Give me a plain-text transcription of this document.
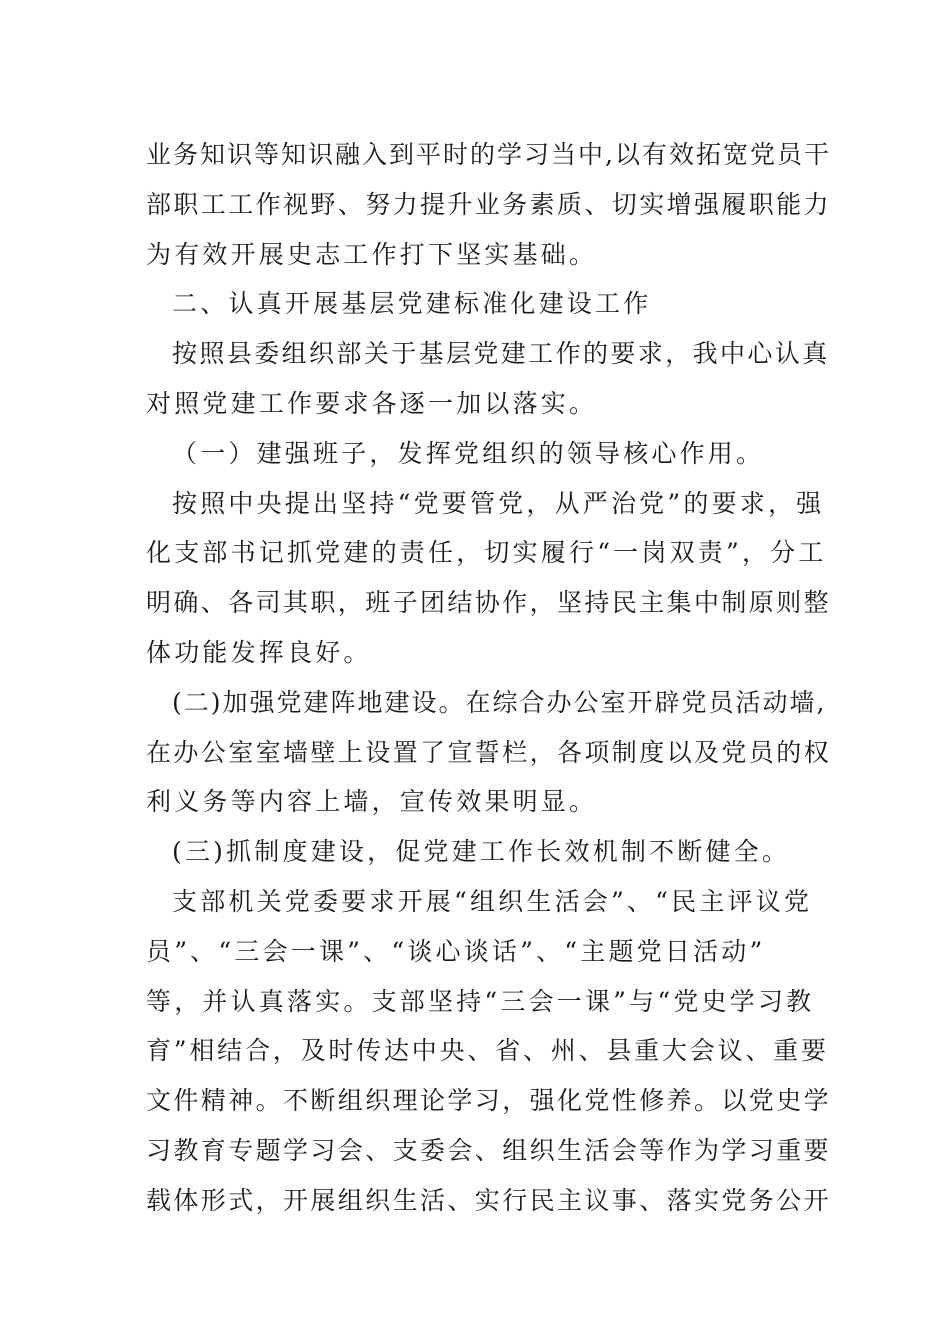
业务知识等知识融入到平时的学习当中,以有效拓宽党员干
部职工工作视野、努力提升业务素质、切实增强履职能力
为有效开展史志工作打下坚实基础。
二、认真开展基层党建标准化建设工作
按照县委组织部关于基层党建工作的要求，我中心认真
对照党建工作要求各逐一加以落实。
（一）建强班子，发挥党组织的领导核心作用。
按照中央提出坚持“党要管党，从严治党”的要求，强
化支部书记抓党建的责任，切实履行“一岗双责”，分工
明确、各司其职，班子团结协作，坚持民主集中制原则整
体功能发挥良好。
(二)加强党建阵地建设。在综合办公室开辟党员活动墙,
在办公室室墙壁上设置了宣誓栏，各项制度以及党员的权
利义务等内容上墙，宣传效果明显。
(三)抓制度建设，促党建工作长效机制不断健全。
支部机关党委要求开展“组织生活会”、“民主评议党
员”、“三会一课”、“谈心谈话”、“主题党日活动”
等，并认真落实。支部坚持“三会一课”与“党史学习教
育”相结合，及时传达中央、省、州、县重大会议、重要
文件精神。不断组织理论学习，强化党性修养。以党史学
习教育专题学习会、支委会、组织生活会等作为学习重要
载体形式，开展组织生活、实行民主议事、落实党务公开
